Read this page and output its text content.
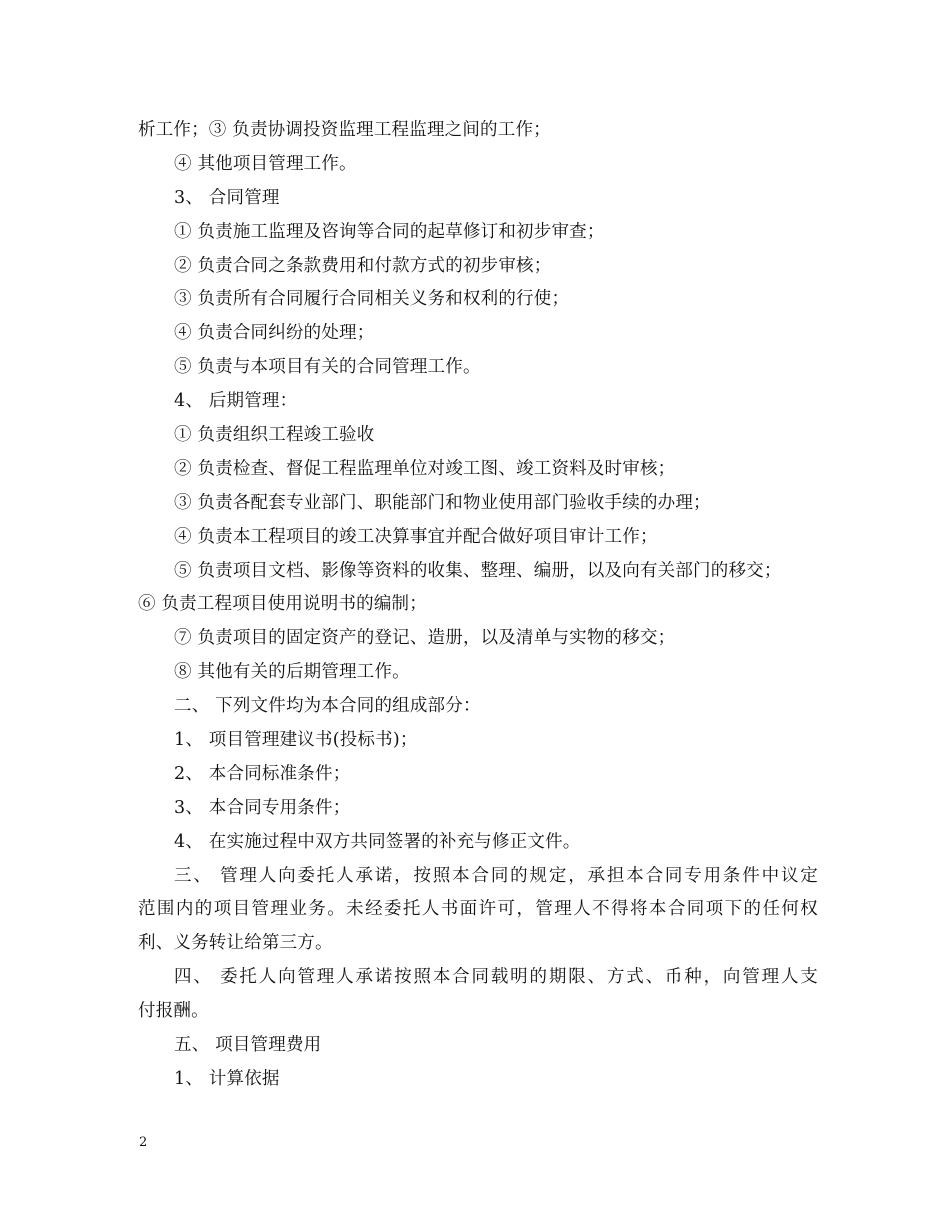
析工作；③ 负责协调投资监理工程监理之间的工作；
④ 其他项目管理工作。
3、 合同管理
① 负责施工监理及咨询等合同的起草修订和初步审查；
② 负责合同之条款费用和付款方式的初步审核；
③ 负责所有合同履行合同相关义务和权利的行使；
④ 负责合同纠纷的处理；
⑤ 负责与本项目有关的合同管理工作。
4、 后期管理：
① 负责组织工程竣工验收
② 负责检查、督促工程监理单位对竣工图、竣工资料及时审核；
③ 负责各配套专业部门、职能部门和物业使用部门验收手续的办理；
④ 负责本工程项目的竣工决算事宜并配合做好项目审计工作；
⑤ 负责项目文档、影像等资料的收集、整理、编册，以及向有关部门的移交；
⑥ 负责工程项目使用说明书的编制；
⑦ 负责项目的固定资产的登记、造册，以及清单与实物的移交；
⑧ 其他有关的后期管理工作。
二、 下列文件均为本合同的组成部分：
1、 项目管理建议书(投标书)；
2、 本合同标准条件；
3、 本合同专用条件；
4、 在实施过程中双方共同签署的补充与修正文件。
三、 管理人向委托人承诺，按照本合同的规定，承担本合同专用条件中议定
范围内的项目管理业务。未经委托人书面许可，管理人不得将本合同项下的任何权
利、义务转让给第三方。
四、 委托人向管理人承诺按照本合同载明的期限、方式、币种，向管理人支
付报酬。
五、 项目管理费用
1、 计算依据
2
